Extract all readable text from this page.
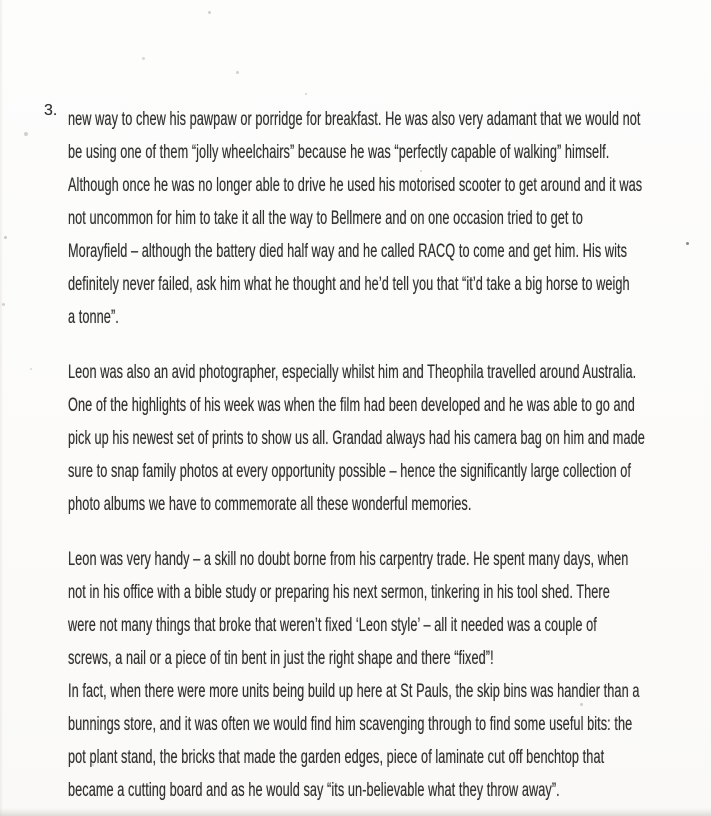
3. new way to chew his pawpaw or porridge for breakfast. He was also very adamant that we would not
be using one of them “jolly wheelchairs” because he was “perfectly capable of walking” himself.
Although once he was no longer able to drive he used his motorised scooter to get around and it was
not uncommon for him to take it all the way to Bellmere and on one occasion tried to get to
Morayfield – although the battery died half way and he called RACQ to come and get him. His wits
definitely never failed, ask him what he thought and he’d tell you that “it’d take a big horse to weigh
a tonne”.
Leon was also an avid photographer, especially whilst him and Theophila travelled around Australia.
One of the highlights of his week was when the film had been developed and he was able to go and
pick up his newest set of prints to show us all. Grandad always had his camera bag on him and made
sure to snap family photos at every opportunity possible – hence the significantly large collection of
photo albums we have to commemorate all these wonderful memories.
Leon was very handy – a skill no doubt borne from his carpentry trade. He spent many days, when
not in his office with a bible study or preparing his next sermon, tinkering in his tool shed. There
were not many things that broke that weren’t fixed ‘Leon style’ – all it needed was a couple of
screws, a nail or a piece of tin bent in just the right shape and there “fixed”!
In fact, when there were more units being build up here at St Pauls, the skip bins was handier than a
bunnings store, and it was often we would find him scavenging through to find some useful bits: the
pot plant stand, the bricks that made the garden edges, piece of laminate cut off benchtop that
became a cutting board and as he would say “its un-believable what they throw away”.
